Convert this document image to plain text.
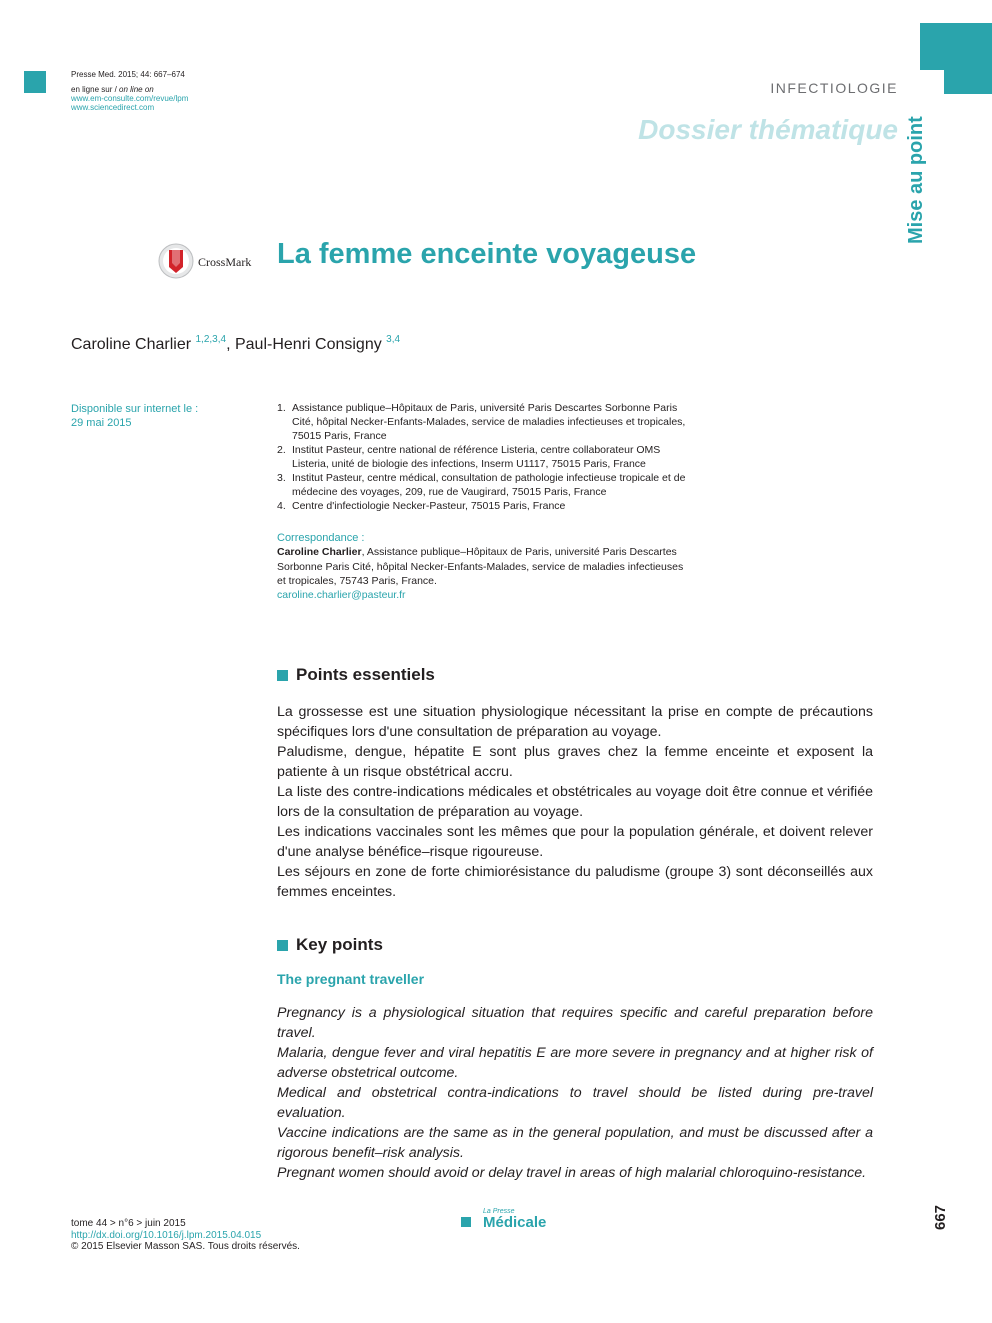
Presse Med. 2015; 44: 667–674
en ligne sur / on line on
www.em-consulte.com/revue/lpm
www.sciencedirect.com
INFECTIOLOGIE
Dossier thématique Mise au point
CrossMark La femme enceinte voyageuse
Caroline Charlier $^{1,2,3,4}$, Paul-Henri Consigny $^{3,4}$
Disponible sur internet le :
29 mai 2015
1. Assistance publique–Hôpitaux de Paris, université Paris Descartes Sorbonne Paris Cité, hôpital Necker-Enfants-Malades, service de maladies infectieuses et tropicales, 75015 Paris, France
2. Institut Pasteur, centre national de référence Listeria, centre collaborateur OMS Listeria, unité de biologie des infections, Inserm U1117, 75015 Paris, France
3. Institut Pasteur, centre médical, consultation de pathologie infectieuse tropicale et de médecine des voyages, 209, rue de Vaugirard, 75015 Paris, France
4. Centre d'infectiologie Necker-Pasteur, 75015 Paris, France
Correspondance :
Caroline Charlier, Assistance publique–Hôpitaux de Paris, université Paris Descartes Sorbonne Paris Cité, hôpital Necker-Enfants-Malades, service de maladies infectieuses et tropicales, 75743 Paris, France.
caroline.charlier@pasteur.fr
Points essentiels

La grossesse est une situation physiologique nécessitant la prise en compte de précautions spécifiques lors d'une consultation de préparation au voyage.

Paludisme, dengue, hépatite E sont plus graves chez la femme enceinte et exposent la patiente à un risque obstétrical accru.

La liste des contre-indications médicales et obstétricales au voyage doit être connue et vérifiée lors de la consultation de préparation au voyage.

Les indications vaccinales sont les mêmes que pour la population générale, et doivent relever d'une analyse bénéfice–risque rigoureuse.

Les séjours en zone de forte chimiorésistance du paludisme (groupe 3) sont déconseillés aux femmes enceintes.

Key points
The pregnant traveller

Pregnancy is a physiological situation that requires specific and careful preparation before travel.

Malaria, dengue fever and viral hepatitis E are more severe in pregnancy and at higher risk of adverse obstetrical outcome.

Medical and obstetrical contra-indications to travel should be listed during pre-travel evaluation.

Vaccine indications are the same as in the general population, and must be discussed after a rigorous benefit–risk analysis.

Pregnant women should avoid or delay travel in areas of high malarial chloroquino-resistance.

tome 44 > n°6 > juin 2015
http://dx.doi.org/10.1016/j.lpm.2015.04.015
© 2015 Elsevier Masson SAS. Tous droits réservés.
La Presse
Médicale	667
